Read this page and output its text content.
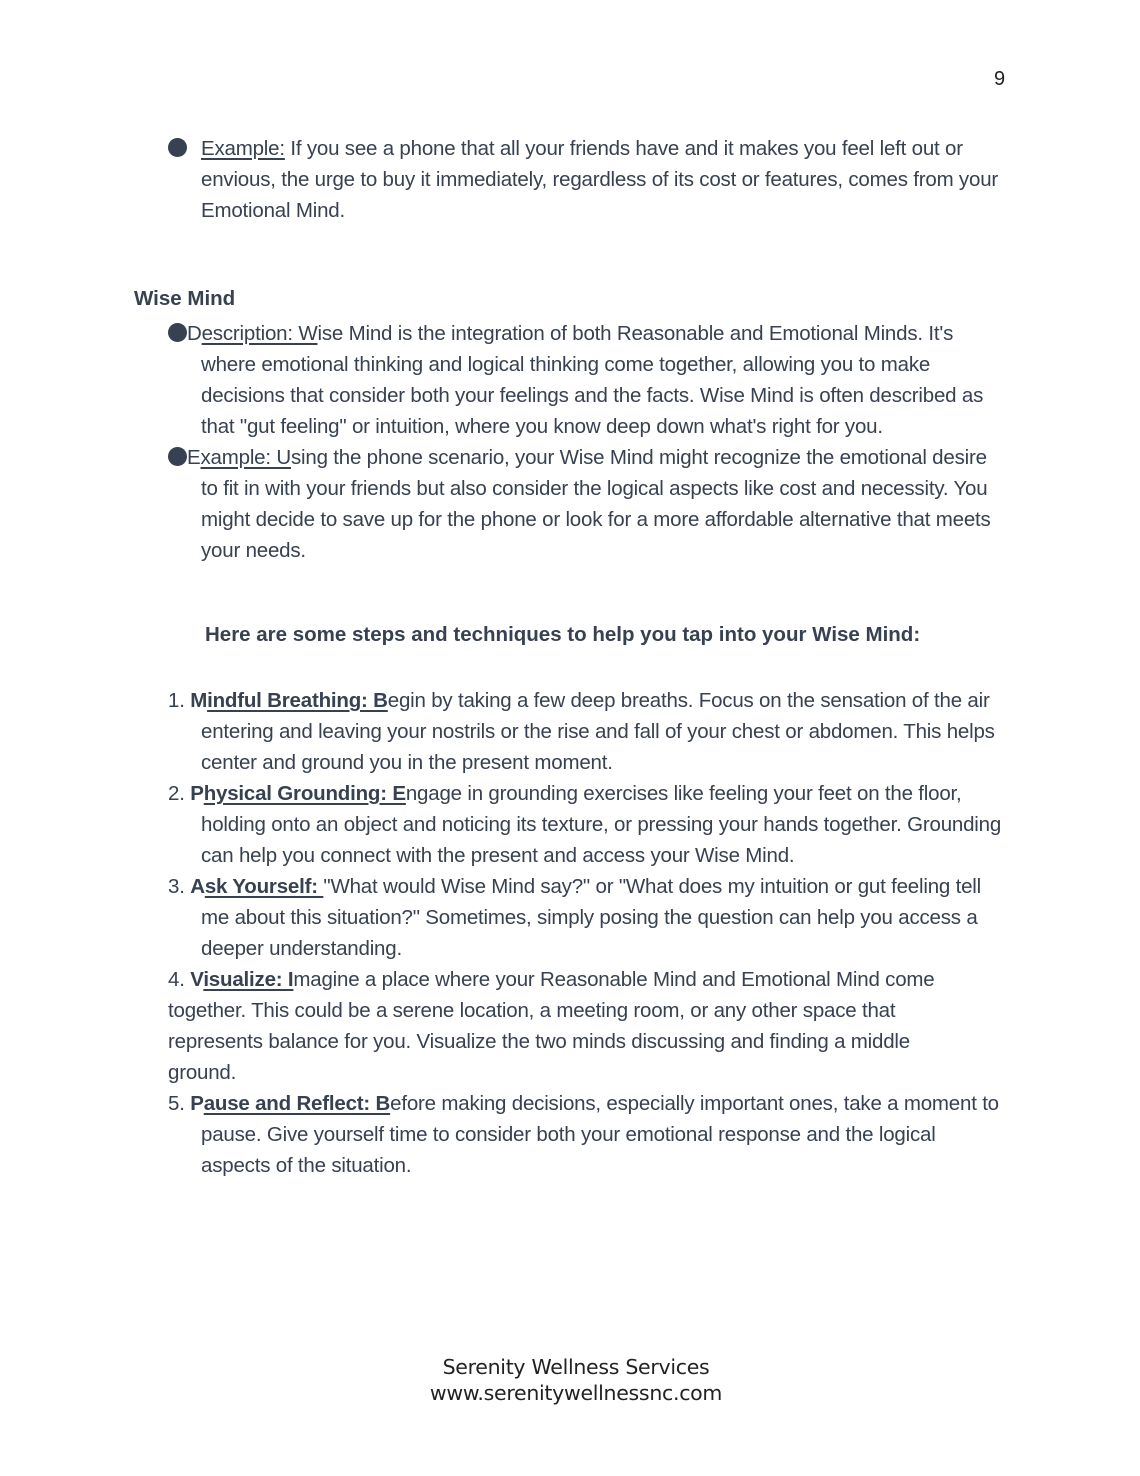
9

Example: If you see a phone that all your friends have and it makes you feel left out or envious, the urge to buy it immediately, regardless of its cost or features, comes from your Emotional Mind.

Wise Mind

Description: Wise Mind is the integration of both Reasonable and Emotional Minds. It's where emotional thinking and logical thinking come together, allowing you to make decisions that consider both your feelings and the facts. Wise Mind is often described as that "gut feeling" or intuition, where you know deep down what's right for you.

Example: Using the phone scenario, your Wise Mind might recognize the emotional desire to fit in with your friends but also consider the logical aspects like cost and necessity. You might decide to save up for the phone or look for a more affordable alternative that meets your needs.

Here are some steps and techniques to help you tap into your Wise Mind:

1. Mindful Breathing: Begin by taking a few deep breaths. Focus on the sensation of the air entering and leaving your nostrils or the rise and fall of your chest or abdomen. This helps center and ground you in the present moment.

2. Physical Grounding: Engage in grounding exercises like feeling your feet on the floor, holding onto an object and noticing its texture, or pressing your hands together. Grounding can help you connect with the present and access your Wise Mind.

3. Ask Yourself: "What would Wise Mind say?" or "What does my intuition or gut feeling tell me about this situation?" Sometimes, simply posing the question can help you access a deeper understanding.

4. Visualize: Imagine a place where your Reasonable Mind and Emotional Mind come together. This could be a serene location, a meeting room, or any other space that represents balance for you. Visualize the two minds discussing and finding a middle ground.

5. Pause and Reflect: Before making decisions, especially important ones, take a moment to pause. Give yourself time to consider both your emotional response and the logical aspects of the situation.

Serenity Wellness Services
www.serenitywellnessnc.com
